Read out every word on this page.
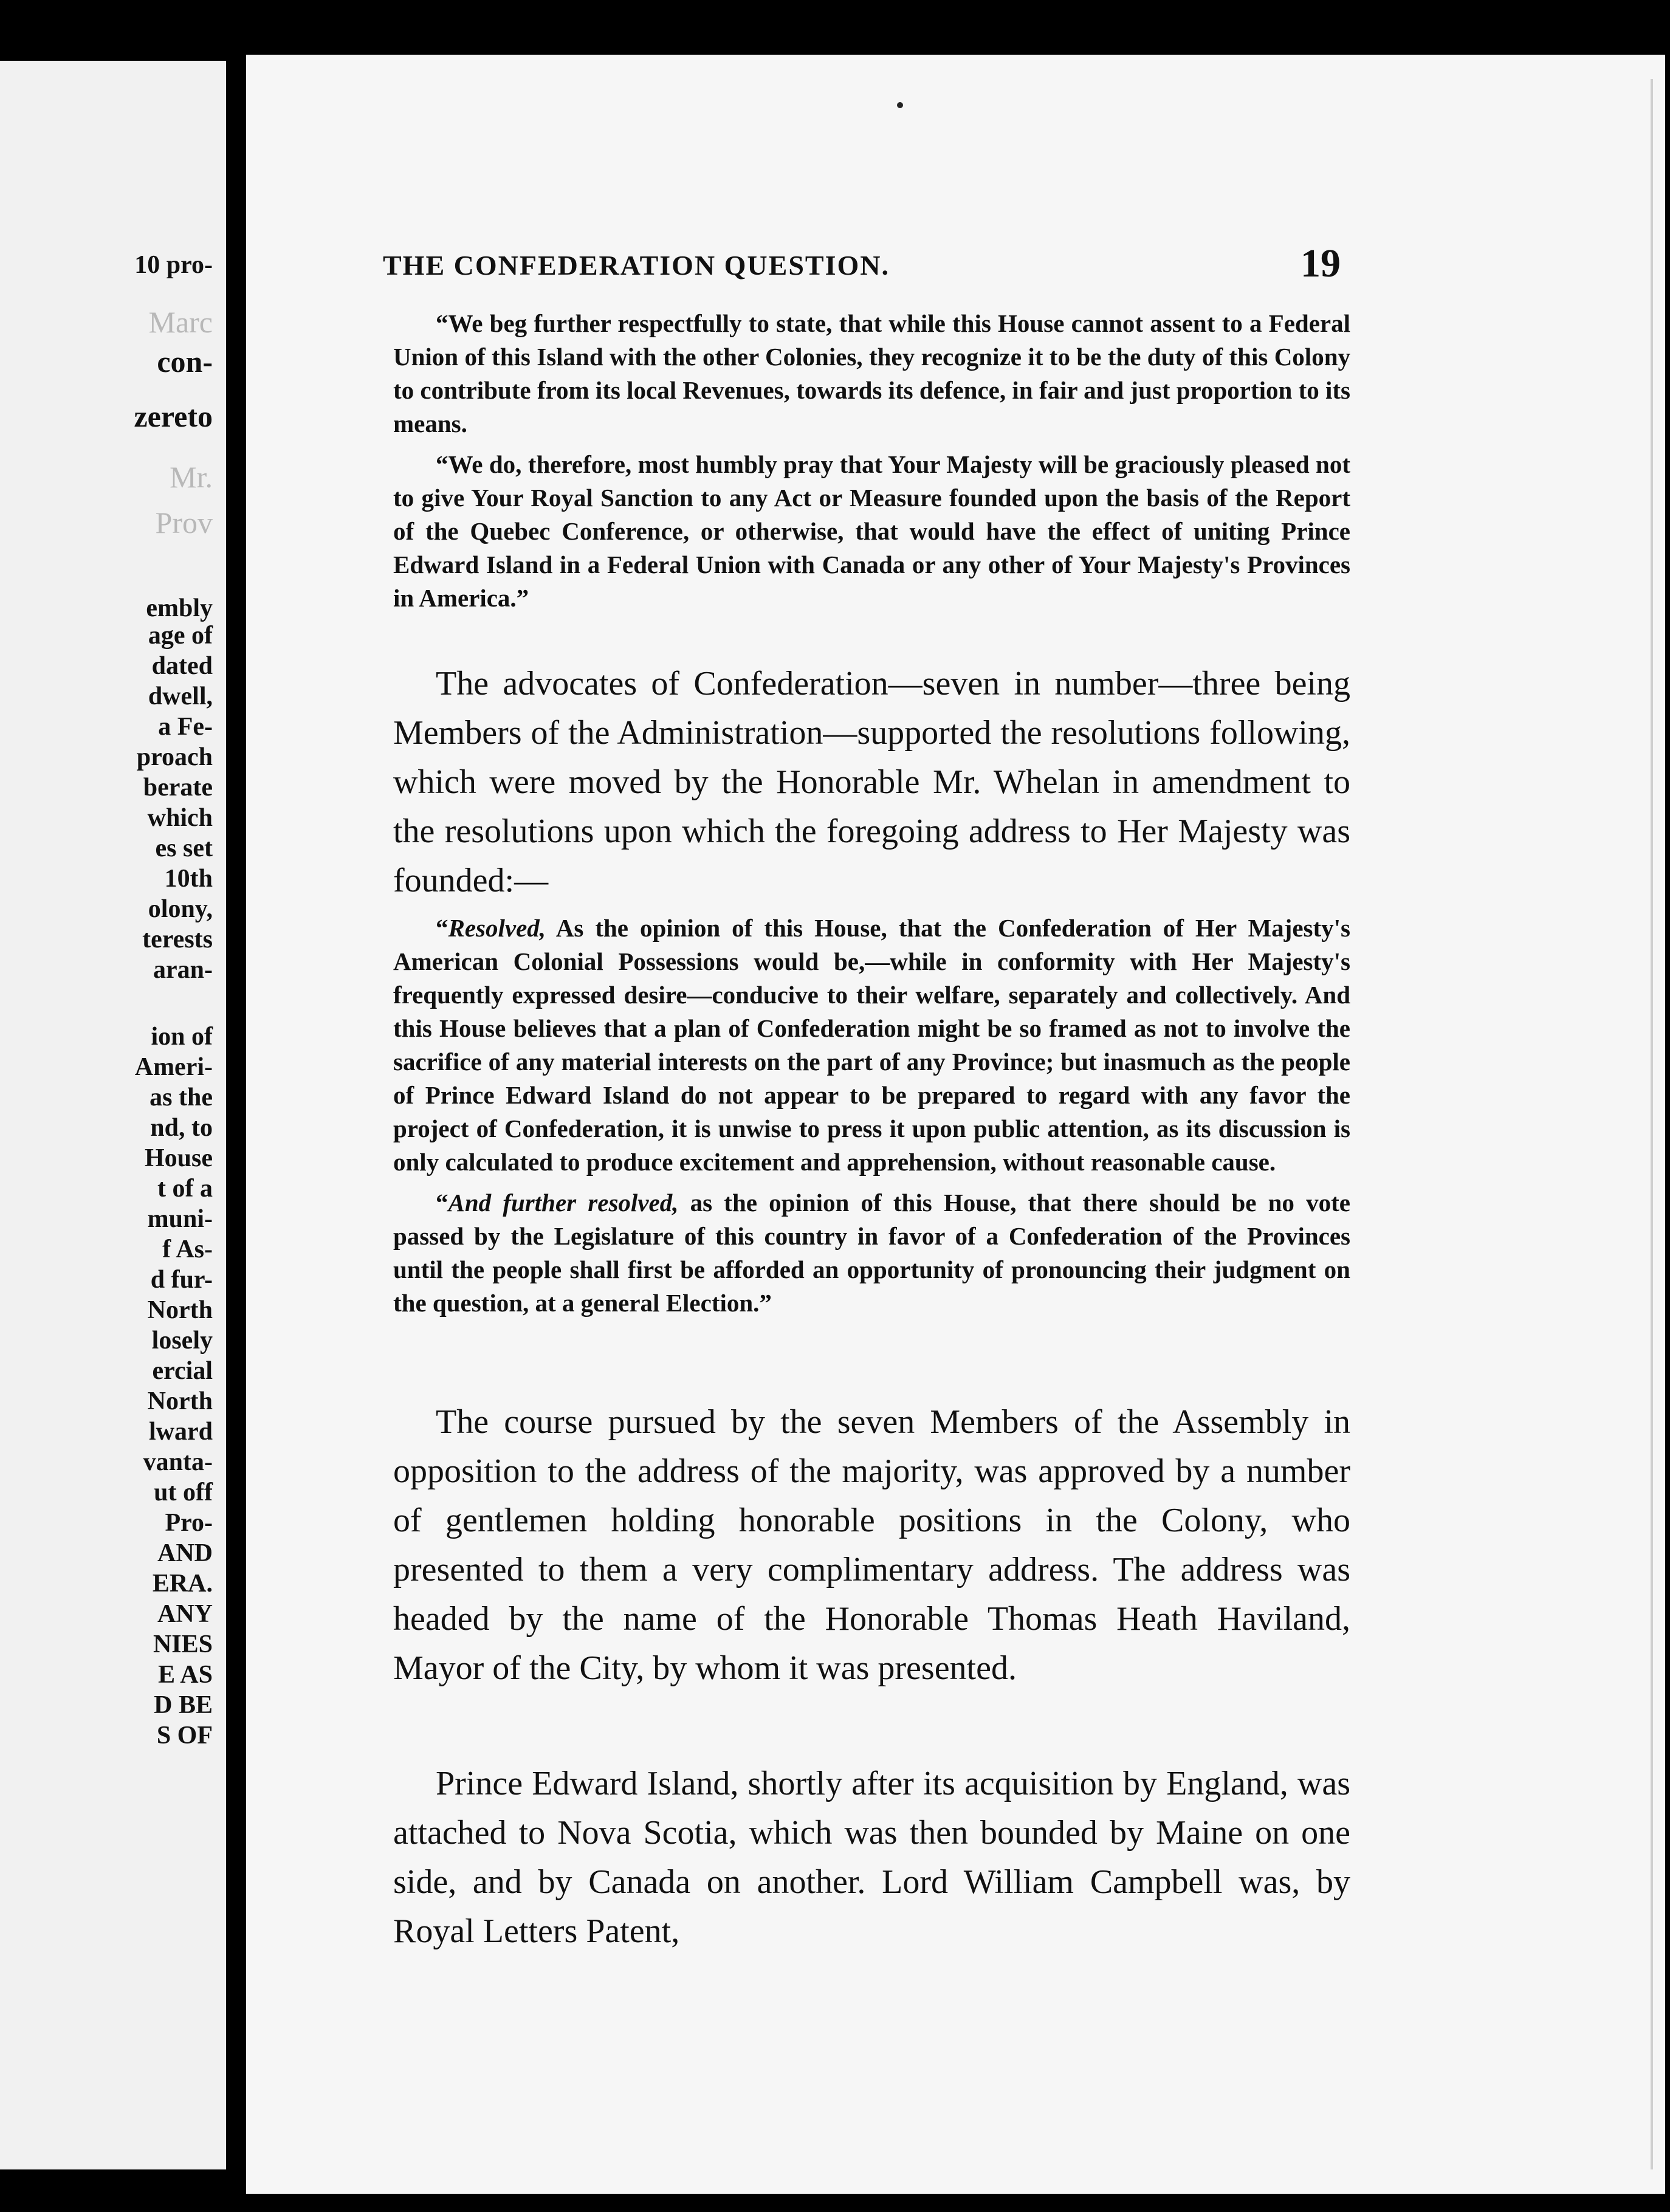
10 pro-
Marc
con-
zereto
Mr.
Prov
embly
age of
dated
dwell,
a Fe-
proach
berate
which
es set
10th
olony,
terests
aran-
ion of
Ameri-
as the
nd, to
House
t of a
muni-
f As-
d fur-
North
losely
ercial
North
lward
vanta-
ut off
Pro-
AND
ERA.
ANY
NIES
E AS
D BE
S OF
THE CONFEDERATION QUESTION.	19

“We beg further respectfully to state, that while this House cannot assent to a Federal Union of this Island with the other Colonies, they recognize it to be the duty of this Colony to contribute from its local Revenues, towards its defence, in fair and just proportion to its means.

“We do, therefore, most humbly pray that Your Majesty will be graciously pleased not to give Your Royal Sanction to any Act or Measure founded upon the basis of the Report of the Quebec Conference, or otherwise, that would have the effect of uniting Prince Edward Island in a Federal Union with Canada or any other of Your Majesty's Provinces in America.”

The advocates of Confederation—seven in number—three being Members of the Administration—supported the resolutions following, which were moved by the Honorable Mr. Whelan in amendment to the resolutions upon which the foregoing address to Her Majesty was founded:—

“Resolved, As the opinion of this House, that the Confederation of Her Majesty's American Colonial Possessions would be,—while in conformity with Her Majesty's frequently expressed desire—conducive to their welfare, separately and collectively. And this House believes that a plan of Confederation might be so framed as not to involve the sacrifice of any material interests on the part of any Province; but inasmuch as the people of Prince Edward Island do not appear to be prepared to regard with any favor the project of Confederation, it is unwise to press it upon public attention, as its discussion is only calculated to produce excitement and apprehension, without reasonable cause.

“And further resolved, as the opinion of this House, that there should be no vote passed by the Legislature of this country in favor of a Confederation of the Provinces until the people shall first be afforded an opportunity of pronouncing their judgment on the question, at a general Election.”

The course pursued by the seven Members of the Assembly in opposition to the address of the majority, was approved by a number of gentlemen holding honorable positions in the Colony, who presented to them a very complimentary address. The address was headed by the name of the Honorable Thomas Heath Haviland, Mayor of the City, by whom it was presented.

Prince Edward Island, shortly after its acquisition by England, was attached to Nova Scotia, which was then bounded by Maine on one side, and by Canada on another. Lord William Campbell was, by Royal Letters Patent,
